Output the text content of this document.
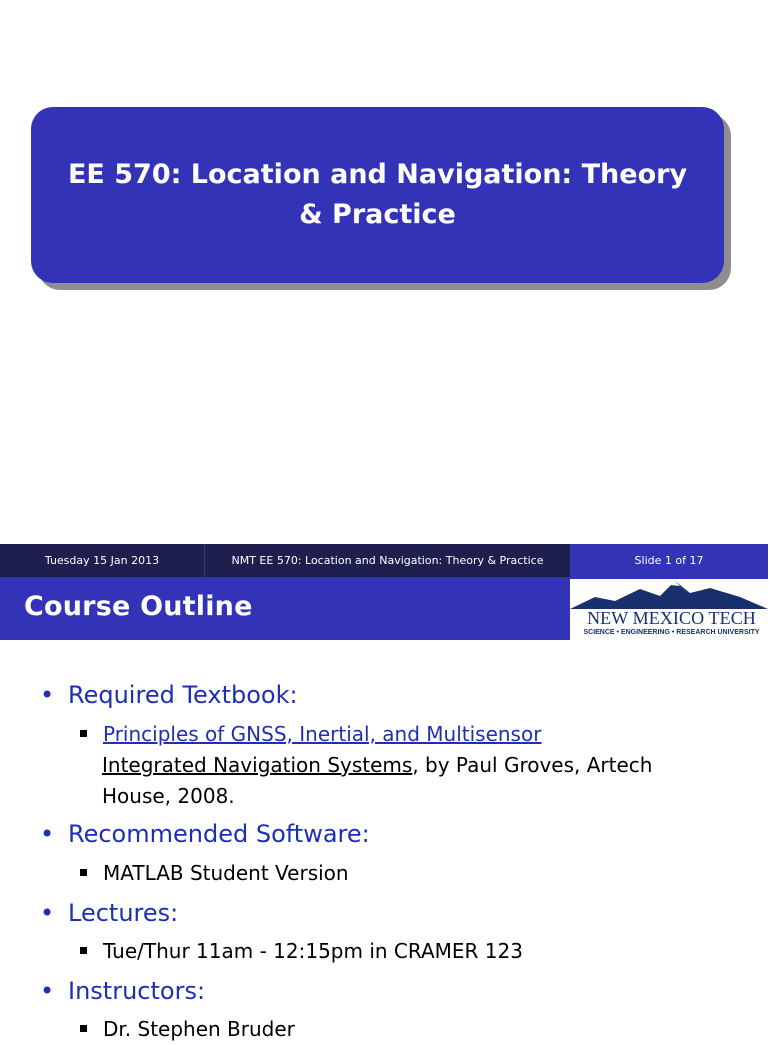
EE 570: Location and Navigation: Theory & Practice
Tuesday 15 Jan 2013	NMT EE 570: Location and Navigation: Theory & Practice	Slide 1 of 17
Course Outline	NEW MEXICO TECH
SCIENCE • ENGINEERING • RESEARCH UNIVERSITY
• Required Textbook:
Principles of GNSS, Inertial, and Multisensor
Integrated Navigation Systems, by Paul Groves, Artech House, 2008.
• Recommended Software:
MATLAB Student Version
• Lectures:
Tue/Thur 11am - 12:15pm in CRAMER 123
• Instructors:
Dr. Stephen Bruder
